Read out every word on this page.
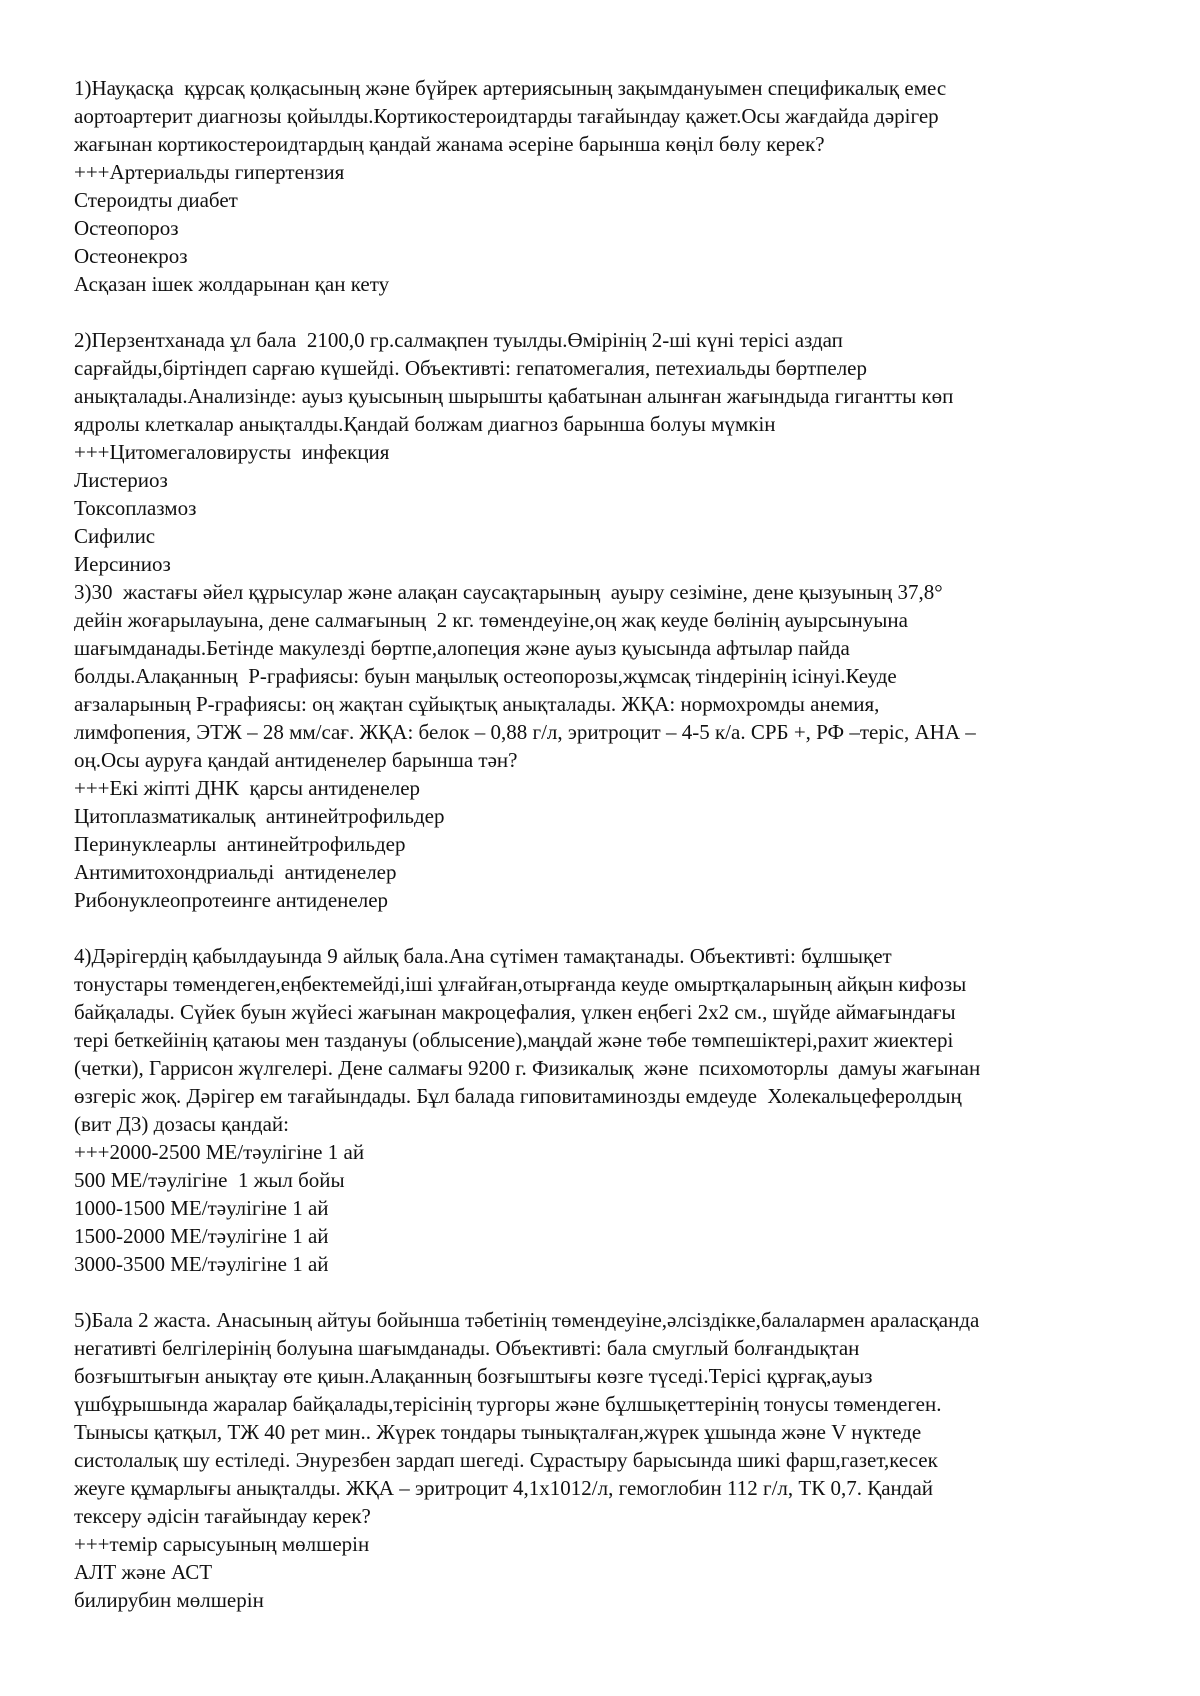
1)Науқасқа  құрсақ қолқасының және бүйрек артериясының зақымдануымен спецификалық емес
аортоартерит диагнозы қойылды.Кортикостероидтарды тағайындау қажет.Осы жағдайда дәрігер
жағынан кортикостероидтардың қандай жанама әсеріне барынша көңіл бөлу керек?

+++Артериальды гипертензия

Стероидты диабет

Остеопороз

Остеонекроз

Асқазан ішек жолдарынан қан кету

2)Перзентханада ұл бала  2100,0 гр.салмақпен туылды.Өмірінің 2-ші күні терісі аздап
сарғайды,біртіндеп сарғаю күшейді. Объективті: гепатомегалия, петехиальды бөртпелер
анықталады.Анализінде: ауыз қуысының шырышты қабатынан алынған жағындыда гигантты көп
ядролы клеткалар анықталды.Қандай болжам диагноз барынша болуы мүмкін

+++Цитомегаловирусты  инфекция

Листериоз

Токсоплазмоз

Сифилис

Иерсиниоз

3)30  жастағы әйел құрысулар және алақан саусақтарының  ауыру сезіміне, дене қызуының 37,8°
дейін жоғарылауына, дене салмағының  2 кг. төмендеуіне,оң жақ кеуде бөлінің ауырсынуына
шағымданады.Бетінде макулезді бөртпе,алопеция және ауыз қуысында афтылар пайда
болды.Алақанның  Р-графиясы: буын маңылық остеопорозы,жұмсақ тіндерінің ісінуі.Кеуде
ағзаларының Р-графиясы: оң жақтан сұйықтық анықталады. ЖҚА: нормохромды анемия,
лимфопения, ЭТЖ – 28 мм/сағ. ЖҚА: белок – 0,88 г/л, эритроцит – 4-5 к/а. СРБ +, РФ –теріс, АНА –
оң.Осы ауруға қандай антиденелер барынша тән?

+++Екі жіпті ДНК  қарсы антиденелер

Цитоплазматикалық  антинейтрофильдер

Перинуклеарлы  антинейтрофильдер

Антимитохондриальді  антиденелер

Рибонуклеопротеинге антиденелер

4)Дәрігердің қабылдауында 9 айлық бала.Ана сүтімен тамақтанады. Объективті: бұлшықет
тонустары төмендеген,еңбектемейді,іші ұлғайған,отырғанда кеуде омыртқаларының айқын кифозы
байқалады. Сүйек буын жүйесі жағынан макроцефалия, үлкен еңбегі 2х2 см., шүйде аймағындағы
тері беткейінің қатаюы мен таздануы (облысение),маңдай және төбе төмпешіктері,рахит жиектері
(четки), Гаррисон жүлгелері. Дене салмағы 9200 г. Физикалық  және  психомоторлы  дамуы жағынан
өзгеріс жоқ. Дәрігер ем тағайындады. Бұл балада гиповитаминозды емдеуде  Холекальцеферолдың
(вит Д3) дозасы қандай:

+++2000-2500 МЕ/тәулігіне 1 ай

500 МЕ/тәулігіне  1 жыл бойы

1000-1500 МЕ/тәулігіне 1 ай

1500-2000 МЕ/тәулігіне 1 ай

3000-3500 МЕ/тәулігіне 1 ай

5)Бала 2 жаста. Анасының айтуы бойынша тәбетінің төмендеуіне,әлсіздікке,балалармен араласқанда
негативті белгілерінің болуына шағымданады. Объективті: бала смуглый болғандықтан
бозғыштығын анықтау өте қиын.Алақанның бозғыштығы көзге түседі.Терісі құрғақ,ауыз
үшбұрышында жаралар байқалады,терісінің тургоры және бұлшықеттерінің тонусы төмендеген.
Тынысы қатқыл, ТЖ 40 рет мин.. Жүрек тондары тынықталған,жүрек ұшында және V нүктеде
систолалық шу естіледі. Энурезбен зардап шегеді. Сұрастыру барысында шикі фарш,газет,кесек
жеуге құмарлығы анықталды. ЖҚА – эритроцит 4,1х1012/л, гемоглобин 112 г/л, ТК 0,7. Қандай
тексеру әдісін тағайындау керек?

+++темір сарысуының мөлшерін

АЛТ және АСТ

билирубин мөлшерін
